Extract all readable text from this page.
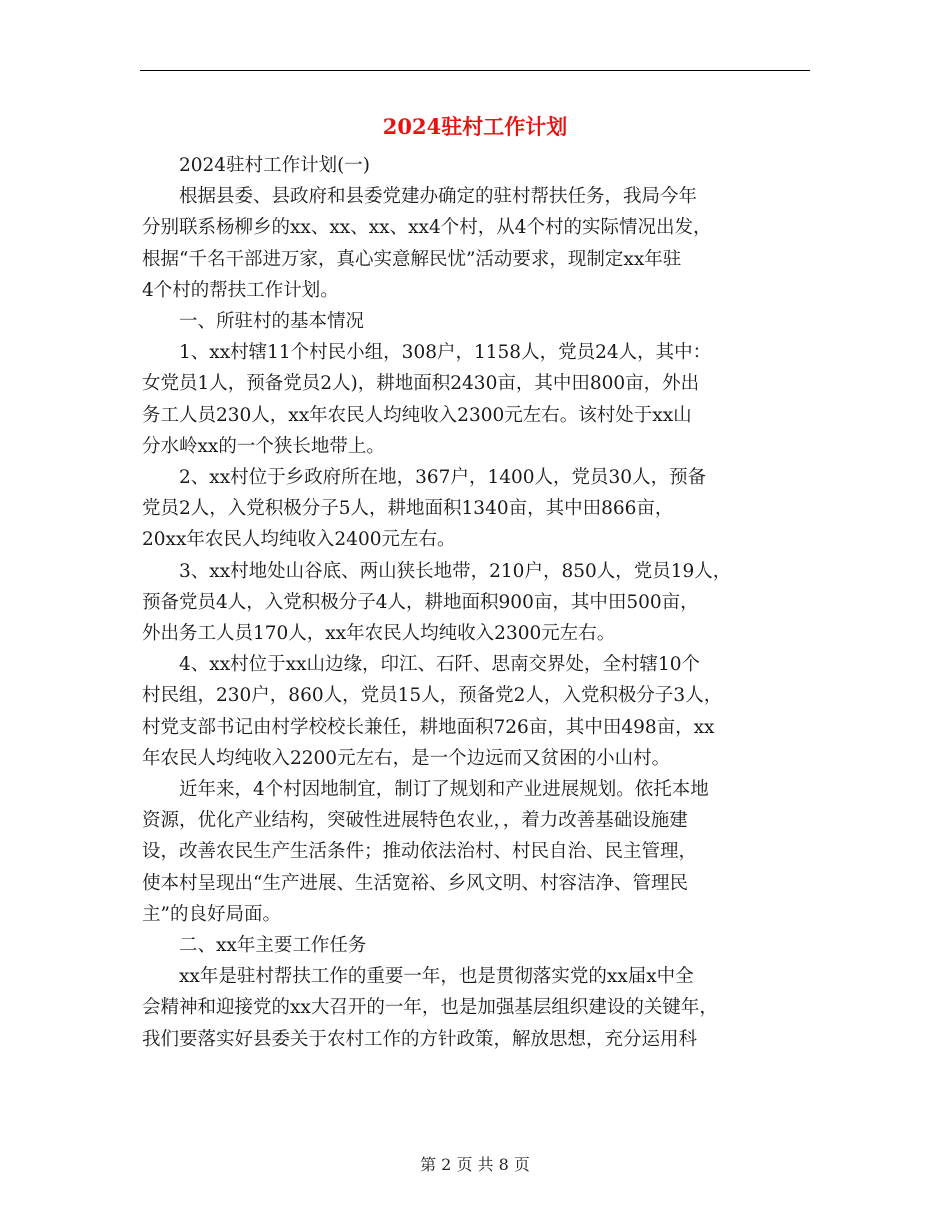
2024驻村工作计划

2024驻村工作计划(一)

根据县委、县政府和县委党建办确定的驻村帮扶任务，我局今年
分别联系杨柳乡的xx、xx、xx、xx4个村，从4个村的实际情况出发，
根据“千名干部进万家，真心实意解民忧”活动要求，现制定xx年驻
4个村的帮扶工作计划。

一、所驻村的基本情况

1、xx村辖11个村民小组，308户，1158人，党员24人，其中：
女党员1人，预备党员2人)，耕地面积2430亩，其中田800亩，外出
务工人员230人，xx年农民人均纯收入2300元左右。该村处于xx山
分水岭xx的一个狭长地带上。

2、xx村位于乡政府所在地，367户，1400人，党员30人，预备
党员2人，入党积极分子5人，耕地面积1340亩，其中田866亩，
20xx年农民人均纯收入2400元左右。

3、xx村地处山谷底、两山狭长地带，210户，850人，党员19人，
预备党员4人，入党积极分子4人，耕地面积900亩，其中田500亩，
外出务工人员170人，xx年农民人均纯收入2300元左右。

4、xx村位于xx山边缘，印江、石阡、思南交界处，全村辖10个
村民组，230户，860人，党员15人，预备党2人，入党积极分子3人，
村党支部书记由村学校校长兼任，耕地面积726亩，其中田498亩，xx
年农民人均纯收入2200元左右，是一个边远而又贫困的小山村。

近年来，4个村因地制宜，制订了规划和产业进展规划。依托本地
资源，优化产业结构，突破性进展特色农业，，着力改善基础设施建
设，改善农民生产生活条件；推动依法治村、村民自治、民主管理，
使本村呈现出“生产进展、生活宽裕、乡风文明、村容洁净、管理民
主”的良好局面。

二、xx年主要工作任务

xx年是驻村帮扶工作的重要一年，也是贯彻落实党的xx届x中全
会精神和迎接党的xx大召开的一年，也是加强基层组织建设的关键年，
我们要落实好县委关于农村工作的方针政策，解放思想，充分运用科

第 2 页 共 8 页
